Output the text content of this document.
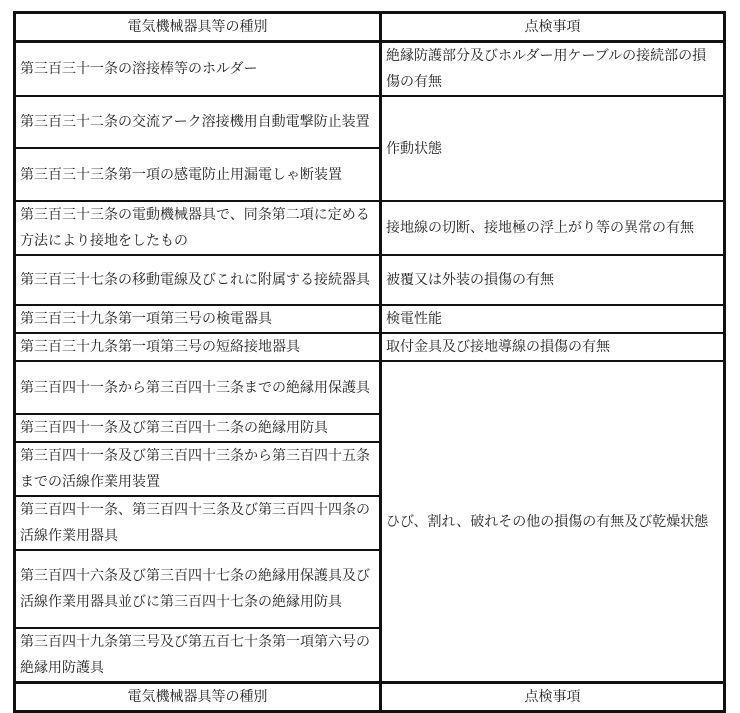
電気機械器具等の種別	点検事項
第三百三十一条の溶接棒等のホルダー	絶縁防護部分及びホルダー用ケーブルの接続部の損傷の有無
第三百三十二条の交流アーク溶接機用自動電撃防止装置	作動状態
第三百三十三条第一項の感電防止用漏電しゃ断装置	
第三百三十三条の電動機械器具で、同条第二項に定める方法により接地をしたもの	接地線の切断、接地極の浮上がり等の異常の有無
第三百三十七条の移動電線及びこれに附属する接続器具	被覆又は外装の損傷の有無
第三百三十九条第一項第三号の検電器具	検電性能
第三百三十九条第一項第三号の短絡接地器具	取付金具及び接地導線の損傷の有無
第三百四十一条から第三百四十三条までの絶縁用保護具	ひび、割れ、破れその他の損傷の有無及び乾燥状態
第三百四十一条及び第三百四十二条の絶縁用防具	
第三百四十一条及び第三百四十三条から第三百四十五条までの活線作業用装置	
第三百四十一条、第三百四十三条及び第三百四十四条の活線作業用器具	
第三百四十六条及び第三百四十七条の絶縁用保護具及び活線作業用器具並びに第三百四十七条の絶縁用防具	
第三百四十九条第三号及び第五百七十条第一項第六号の絶縁用防護具	
電気機械器具等の種別	点検事項
